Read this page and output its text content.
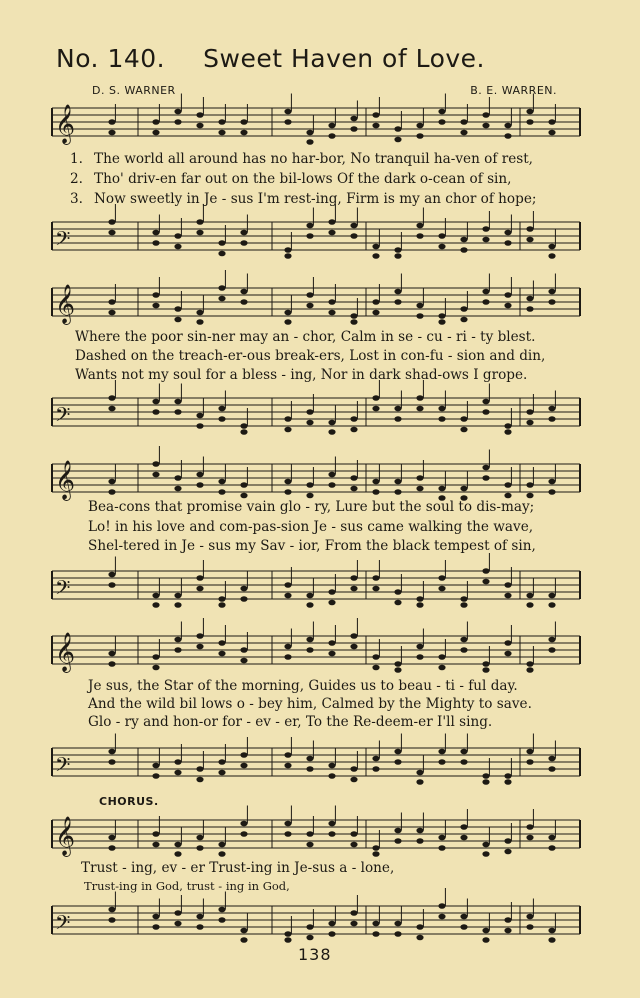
No. 140. Sweet Haven of Love.
D. S. WARNER	B. E. WARREN.
𝄞
1. The world all around has no har-bor, No tranquil ha-ven of rest,
2. Tho' driv-en far out on the bil-lows Of the dark o-cean of sin,
3. Now sweetly in Je - sus I'm rest-ing, Firm is my an chor of hope;
𝄢
𝄞
Where the poor sin-ner may an - chor, Calm in se - cu - ri - ty blest.
Dashed on the treach-er-ous break-ers, Lost in con-fu - sion and din,
Wants not my soul for a bless - ing, Nor in dark shad-ows I grope.
𝄢
𝄞
Bea-cons that promise vain glo - ry, Lure but the soul to dis-may;
Lo! in his love and com-pas-sion Je - sus came walking the wave,
Shel-tered in Je - sus my Sav - ior, From the black tempest of sin,
𝄢
𝄞
Je sus, the Star of the morning, Guides us to beau - ti - ful day.
And the wild bil lows o - bey him, Calmed by the Mighty to save.
Glo - ry and hon-or for - ev - er, To the Re-deem-er I'll sing.
𝄢
CHORUS.
𝄞
Trust - ing, ev - er Trust-ing in Je-sus a - lone,
Trust-ing in God, trust - ing in God,
𝄢
138
